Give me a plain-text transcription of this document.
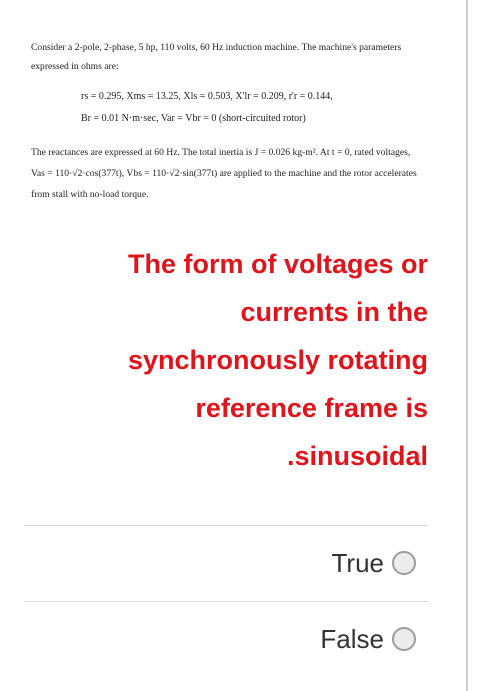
Consider a 2-pole, 2-phase, 5 hp, 110 volts, 60 Hz induction machine. The machine's parameters expressed in ohms are:

rs = 0.295, Xms = 13.25, Xls = 0.503, X'lr = 0.209, r'r = 0.144,
Br = 0.01 N·m·sec, Var = Vbr = 0 (short-circuited rotor)

The reactances are expressed at 60 Hz. The total inertia is J = 0.026 kg-m². At t = 0, rated voltages, Vas = 110·√2·cos(377t), Vbs = 110·√2·sin(377t) are applied to the machine and the rotor accelerates from stall with no-load torque.

The form of voltages or
currents in the
synchronously rotating
reference frame is
.sinusoidal
True
False
